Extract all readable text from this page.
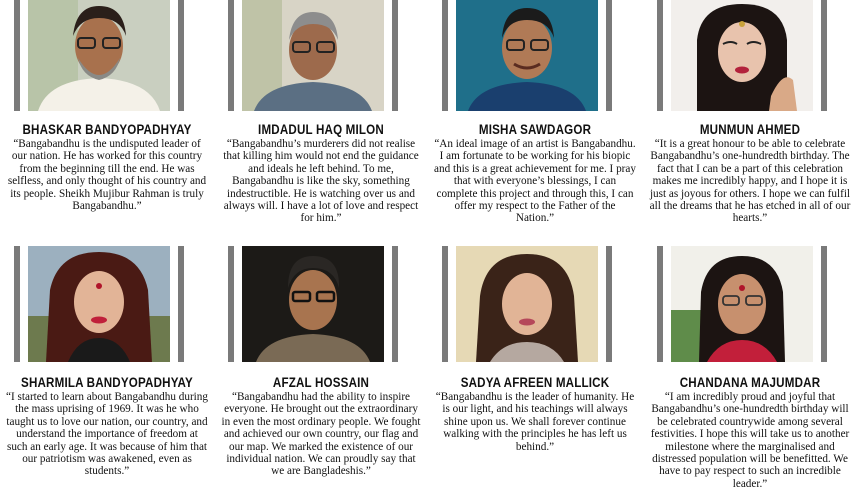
BHASKAR BANDYOPADHYAY

“Bangabandhu is the undisputed leader of our nation. He has worked for this country from the beginning till the end. He was selfless, and only thought of his country and its people. Sheikh Mujibur Rahman is truly Bangabandhu.”

IMDADUL HAQ MILON

“Bangabandhu’s murderers did not realise that killing him would not end the guidance and ideals he left behind. To me, Bangabandhu is like the sky, something indestructible. He is watching over us and always will. I have a lot of love and respect for him.”

MISHA SAWDAGOR

“An ideal image of an artist is Bangabandhu. I am fortunate to be working for his biopic and this is a great achievement for me. I pray that with everyone’s blessings, I can complete this project and through this, I can offer my respect to the Father of the Nation.”

MUNMUN AHMED

“It is a great honour to be able to celebrate Bangabandhu’s one-hundredth birthday. The fact that I can be a part of this celebration makes me incredibly happy, and I hope it is just as joyous for others. I hope we can fulfil all the dreams that he has etched in all of our hearts.”

SHARMILA BANDYOPADHYAY

“I started to learn about Bangabandhu during the mass uprising of 1969. It was he who taught us to love our nation, our country, and understand the importance of freedom at such an early age. It was because of him that our patriotism was awakened, even as students.”

AFZAL HOSSAIN

“Bangabandhu had the ability to inspire everyone. He brought out the extraordinary in even the most ordinary people. We fought and achieved our own country, our flag and our map. We marked the existence of our individual nation. We can proudly say that we are Bangladeshis.”

SADYA AFREEN MALLICK

“Bangabandhu is the leader of humanity. He is our light, and his teachings will always shine upon us. We shall forever continue walking with the principles he has left us behind.”

CHANDANA MAJUMDAR

“I am incredibly proud and joyful that Bangabandhu’s one-hundredth birthday will be celebrated countrywide among several festivities. I hope this will take us to another milestone where the marginalised and distressed population will be benefitted. We have to pay respect to such an incredible leader.”
